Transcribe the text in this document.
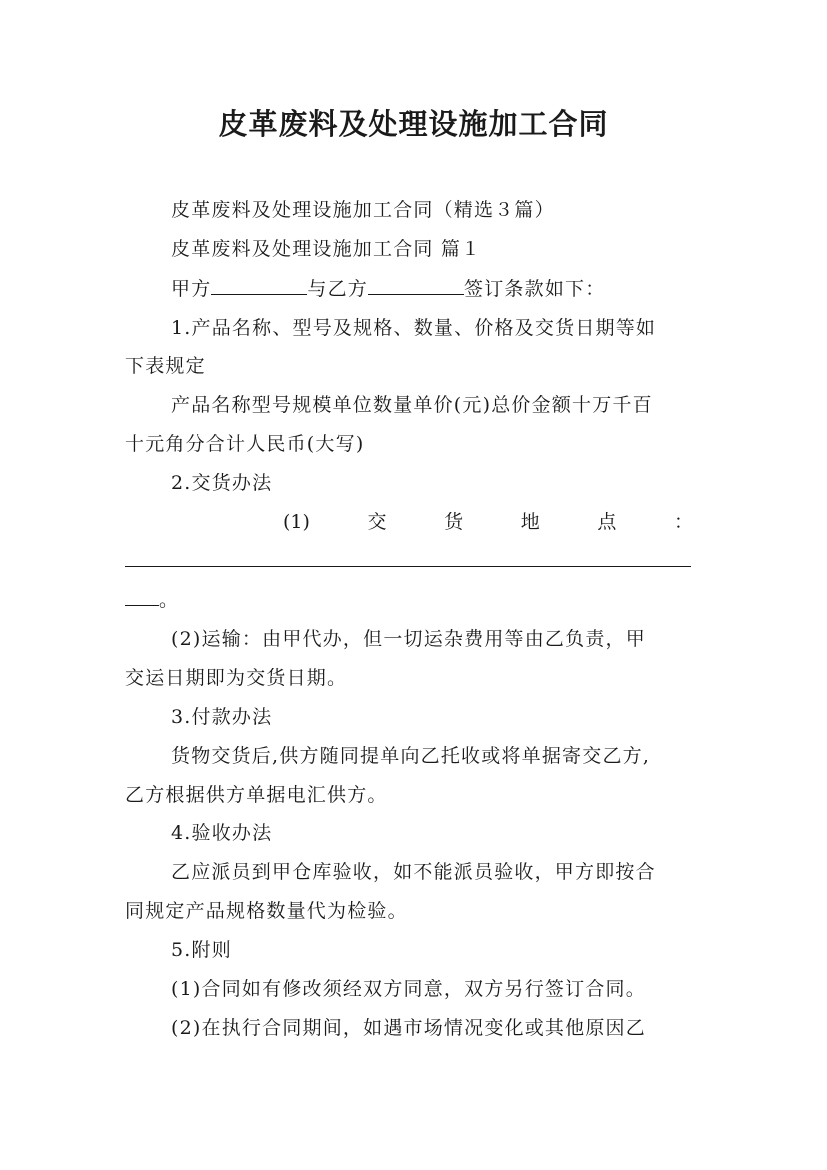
皮革废料及处理设施加工合同

皮革废料及处理设施加工合同（精选３篇）

皮革废料及处理设施加工合同 篇１

甲方	与乙方	签订条款如下：

1.产品名称、型号及规格、数量、价格及交货日期等如

下表规定

产品名称型号规模单位数量单价(元)总价金额十万千百

十元角分合计人民币(大写)

2.交货办法

(1)	交	货	地	点	：

。

(2)运输：由甲代办，但一切运杂费用等由乙负责，甲

交运日期即为交货日期。

3.付款办法

货物交货后,供方随同提单向乙托收或将单据寄交乙方,

乙方根据供方单据电汇供方。

4.验收办法

乙应派员到甲仓库验收，如不能派员验收，甲方即按合

同规定产品规格数量代为检验。

5.附则

(1)合同如有修改须经双方同意，双方另行签订合同。

(2)在执行合同期间，如遇市场情况变化或其他原因乙
